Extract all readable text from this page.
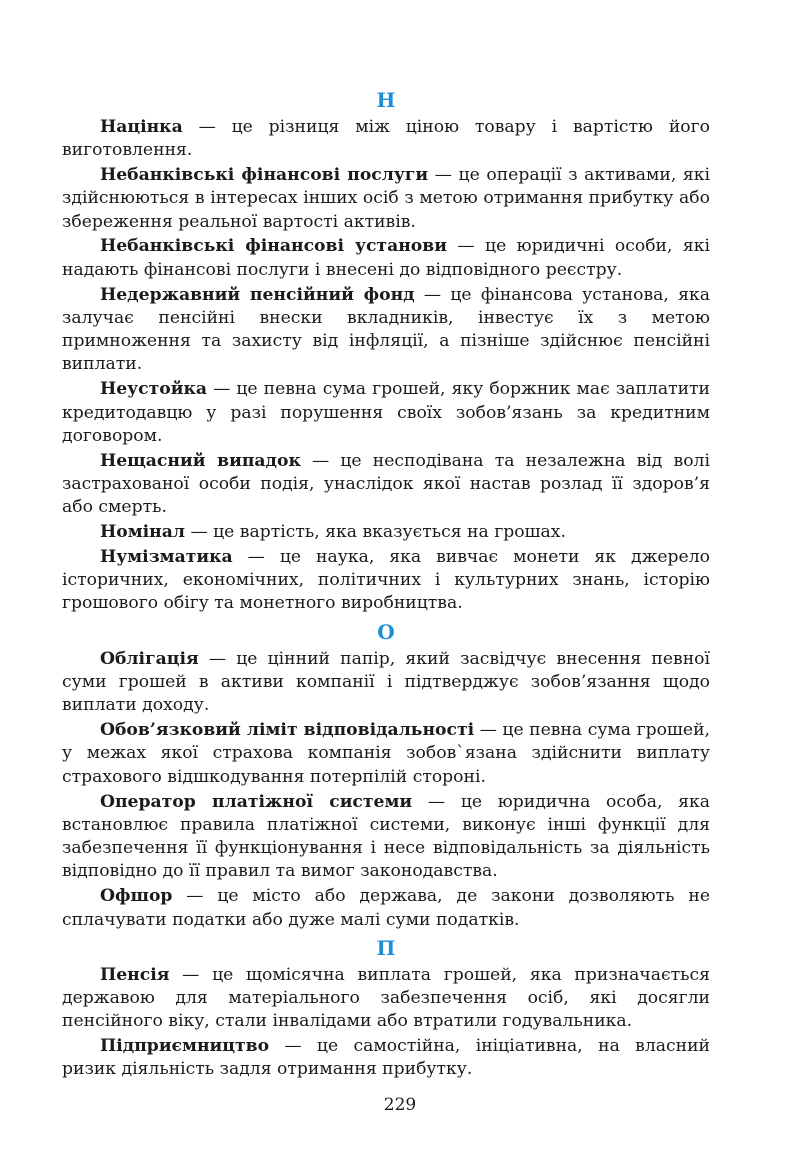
Н

Націнка — це різниця між ціною товару і вартістю його виготовлення.

Небанківські фінансові послуги — це операції з активами, які здійснюються в інтересах інших осіб з метою отримання прибутку або збереження реальної вартості активів.

Небанківські фінансові установи — це юридичні особи, які надають фінансові послуги і внесені до відповідного реєстру.

Недержавний пенсійний фонд — це фінансова установа, яка залучає пенсійні внески вкладників, інвестує їх з метою примноження та захисту від інфляції, а пізніше здійснює пенсійні виплати.

Неустойка — це певна сума грошей, яку боржник має заплатити кредитодавцю у разі порушення своїх зобов’язань за кредитним договором.

Нещасний випадок — це несподівана та незалежна від волі застрахованої особи подія, унаслідок якої настав розлад її здоров’я або смерть.

Номінал — це вартість, яка вказується на грошах.

Нумізматика — це наука, яка вивчає монети як джерело історичних, економічних, політичних і культурних знань, історію грошового обігу та монетного виробництва.

О

Облігація — це цінний папір, який засвідчує внесення певної суми грошей в активи компанії і підтверджує зобов’язання щодо виплати доходу.

Обов’язковий ліміт відповідальності — це певна сума грошей, у межах якої страхова компанія зобов`язана здійснити виплату страхового відшкодування потерпілій стороні.

Оператор платіжної системи — це юридична особа, яка встановлює правила платіжної системи, виконує інші функції для забезпечення її функціонування і несе відповідальність за діяльність відповідно до її правил та вимог законодавства.

Офшор — це місто або держава, де закони дозволяють не сплачувати податки або дуже малі суми податків.

П

Пенсія — це щомісячна виплата грошей, яка призначається державою для матеріального забезпечення осіб, які досягли пенсійного віку, стали інвалідами або втратили годувальника.

Підприємництво — це самостійна, ініціативна, на власний ризик діяльність задля отримання прибутку.

229
